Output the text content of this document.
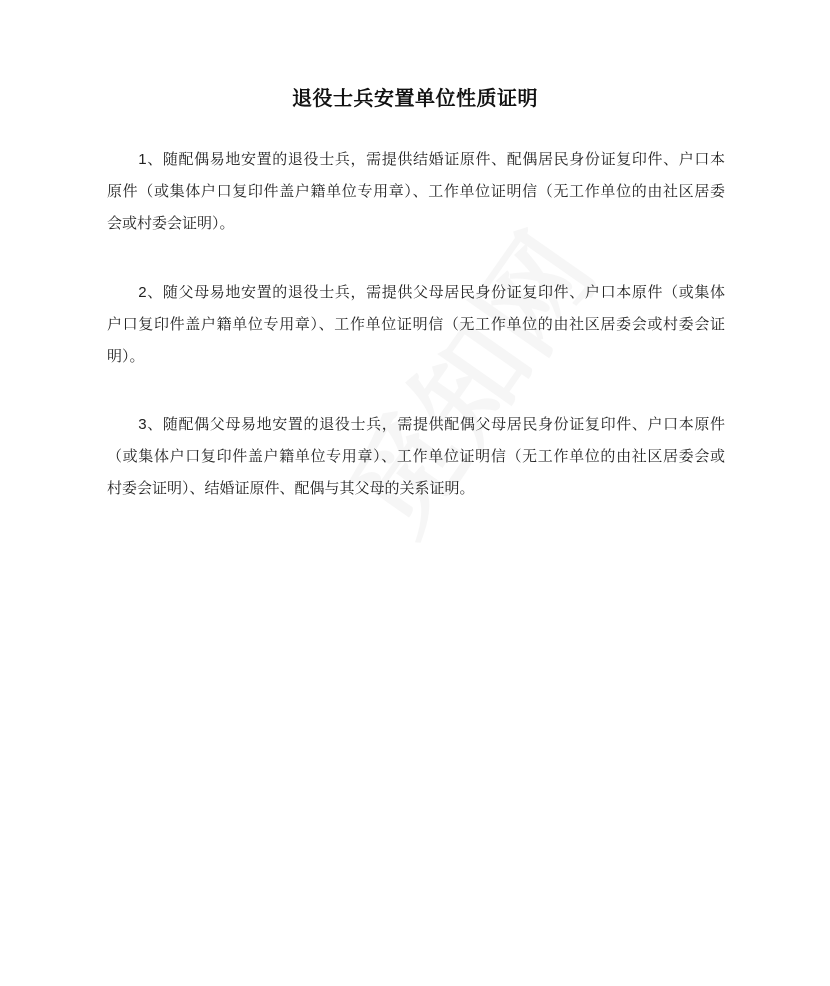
退役士兵安置单位性质证明
　　1、随配偶易地安置的退役士兵，需提供结婚证原件、配偶居民身份证复印件、户口本
原件（或集体户口复印件盖户籍单位专用章）、工作单位证明信（无工作单位的由社区居委
会或村委会证明）。
　　2、随父母易地安置的退役士兵，需提供父母居民身份证复印件、户口本原件（或集体
户口复印件盖户籍单位专用章）、工作单位证明信（无工作单位的由社区居委会或村委会证
明）。
　　3、随配偶父母易地安置的退役士兵，需提供配偶父母居民身份证复印件、户口本原件
（或集体户口复印件盖户籍单位专用章）、工作单位证明信（无工作单位的由社区居委会或
村委会证明）、结婚证原件、配偶与其父母的关系证明。
